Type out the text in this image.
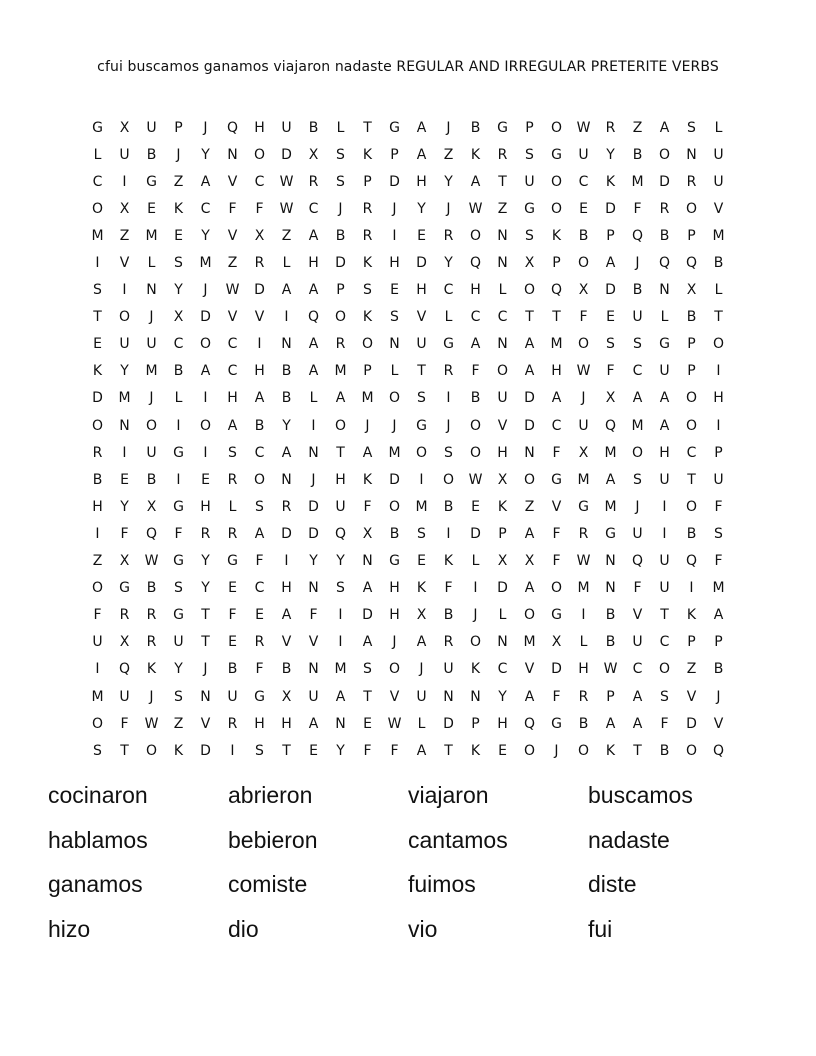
cfui buscamos ganamos viajaron nadaste REGULAR AND IRREGULAR PRETERITE VERBS
G	X	U	P	J	Q	H	U	B	L	T	G	A	J	B	G	P	O	W	R	Z	A	S	L
L	U	B	J	Y	N	O	D	X	S	K	P	A	Z	K	R	S	G	U	Y	B	O	N	U
C	I	G	Z	A	V	C	W	R	S	P	D	H	Y	A	T	U	O	C	K	M	D	R	U
O	X	E	K	C	F	F	W	C	J	R	J	Y	J	W	Z	G	O	E	D	F	R	O	V
M	Z	M	E	Y	V	X	Z	A	B	R	I	E	R	O	N	S	K	B	P	Q	B	P	M
I	V	L	S	M	Z	R	L	H	D	K	H	D	Y	Q	N	X	P	O	A	J	Q	Q	B
S	I	N	Y	J	W	D	A	A	P	S	E	H	C	H	L	O	Q	X	D	B	N	X	L
T	O	J	X	D	V	V	I	Q	O	K	S	V	L	C	C	T	T	F	E	U	L	B	T
E	U	U	C	O	C	I	N	A	R	O	N	U	G	A	N	A	M	O	S	S	G	P	O
K	Y	M	B	A	C	H	B	A	M	P	L	T	R	F	O	A	H	W	F	C	U	P	I
D	M	J	L	I	H	A	B	L	A	M	O	S	I	B	U	D	A	J	X	A	A	O	H
O	N	O	I	O	A	B	Y	I	O	J	J	G	J	O	V	D	C	U	Q	M	A	O	I
R	I	U	G	I	S	C	A	N	T	A	M	O	S	O	H	N	F	X	M	O	H	C	P
B	E	B	I	E	R	O	N	J	H	K	D	I	O	W	X	O	G	M	A	S	U	T	U
H	Y	X	G	H	L	S	R	D	U	F	O	M	B	E	K	Z	V	G	M	J	I	O	F
I	F	Q	F	R	R	A	D	D	Q	X	B	S	I	D	P	A	F	R	G	U	I	B	S
Z	X	W	G	Y	G	F	I	Y	Y	N	G	E	K	L	X	X	F	W	N	Q	U	Q	F
O	G	B	S	Y	E	C	H	N	S	A	H	K	F	I	D	A	O	M	N	F	U	I	M
F	R	R	G	T	F	E	A	F	I	D	H	X	B	J	L	O	G	I	B	V	T	K	A
U	X	R	U	T	E	R	V	V	I	A	J	A	R	O	N	M	X	L	B	U	C	P	P
I	Q	K	Y	J	B	F	B	N	M	S	O	J	U	K	C	V	D	H	W	C	O	Z	B
M	U	J	S	N	U	G	X	U	A	T	V	U	N	N	Y	A	F	R	P	A	S	V	J
O	F	W	Z	V	R	H	H	A	N	E	W	L	D	P	H	Q	G	B	A	A	F	D	V
S	T	O	K	D	I	S	T	E	Y	F	F	A	T	K	E	O	J	O	K	T	B	O	Q
cocinaron	abrieron	viajaron	buscamos
hablamos	bebieron	cantamos	nadaste
ganamos	comiste	fuimos	diste
hizo	dio	vio	fui
